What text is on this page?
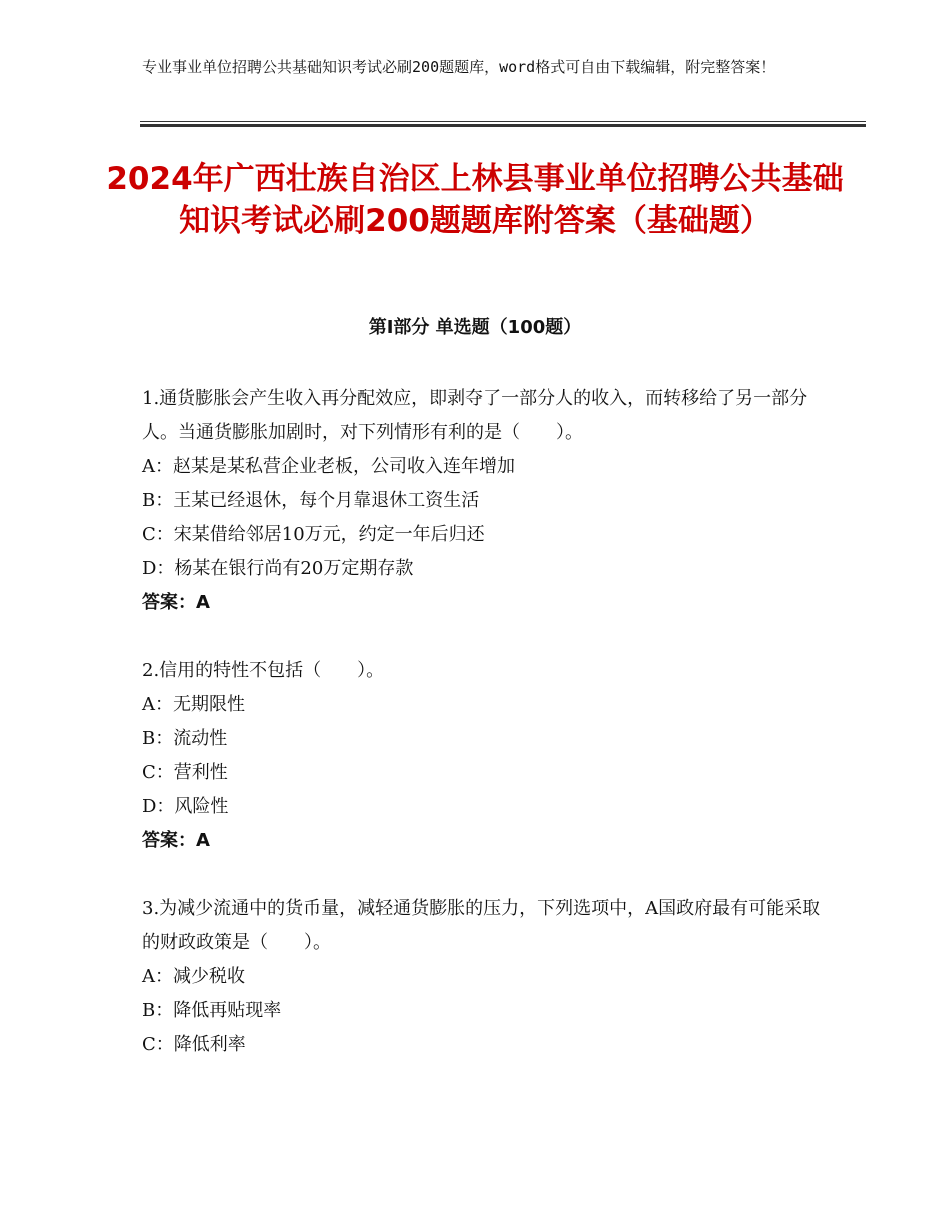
专业事业单位招聘公共基础知识考试必刷200题题库，word格式可自由下载编辑，附完整答案！
2024年广西壮族自治区上林县事业单位招聘公共基础知识考试必刷200题题库附答案（基础题）
第Ⅰ部分 单选题（100题）
1.通货膨胀会产生收入再分配效应，即剥夺了一部分人的收入，而转移给了另一部分人。当通货膨胀加剧时，对下列情形有利的是（　　）。
A：赵某是某私营企业老板，公司收入连年增加
B：王某已经退休，每个月靠退休工资生活
C：宋某借给邻居10万元，约定一年后归还
D：杨某在银行尚有20万定期存款
答案：A
2.信用的特性不包括（　　）。
A：无期限性
B：流动性
C：营利性
D：风险性
答案：A
3.为减少流通中的货币量，减轻通货膨胀的压力，下列选项中，A国政府最有可能采取的财政政策是（　　）。
A：减少税收
B：降低再贴现率
C：降低利率
